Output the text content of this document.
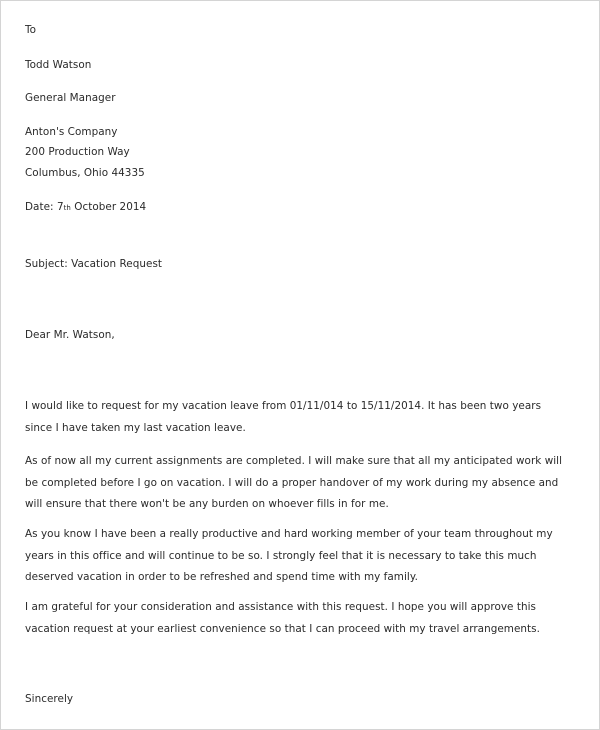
To
Todd Watson
General Manager
Anton's Company
200 Production Way
Columbus, Ohio 44335
Date: 7th October 2014
Subject: Vacation Request
Dear Mr. Watson,
I would like to request for my vacation leave from 01/11/014 to 15/11/2014. It has been two years
since I have taken my last vacation leave.
As of now all my current assignments are completed. I will make sure that all my anticipated work will
be completed before I go on vacation. I will do a proper handover of my work during my absence and
will ensure that there won't be any burden on whoever fills in for me.
As you know I have been a really productive and hard working member of your team throughout my
years in this office and will continue to be so. I strongly feel that it is necessary to take this much
deserved vacation in order to be refreshed and spend time with my family.
I am grateful for your consideration and assistance with this request. I hope you will approve this
vacation request at your earliest convenience so that I can proceed with my travel arrangements.
Sincerely
